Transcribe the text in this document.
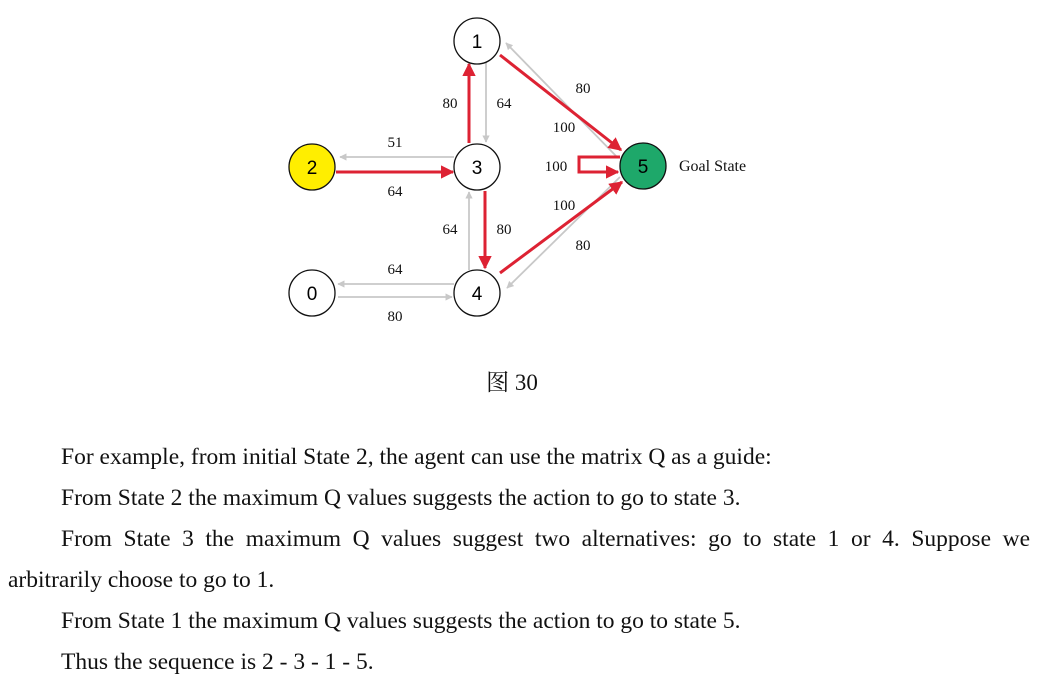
80	64
80
100
51
64
100
64	80
100
80
64
80
1
2	3	5
0	4
Goal State
图 30

For example, from initial State 2, the agent can use the matrix Q as a guide:

From State 2 the maximum Q values suggests the action to go to state 3.

From State 3 the maximum Q values suggest two alternatives: go to state 1 or 4. Suppose we arbitrarily choose to go to 1.

From State 1 the maximum Q values suggests the action to go to state 5.

Thus the sequence is 2 - 3 - 1 - 5.
